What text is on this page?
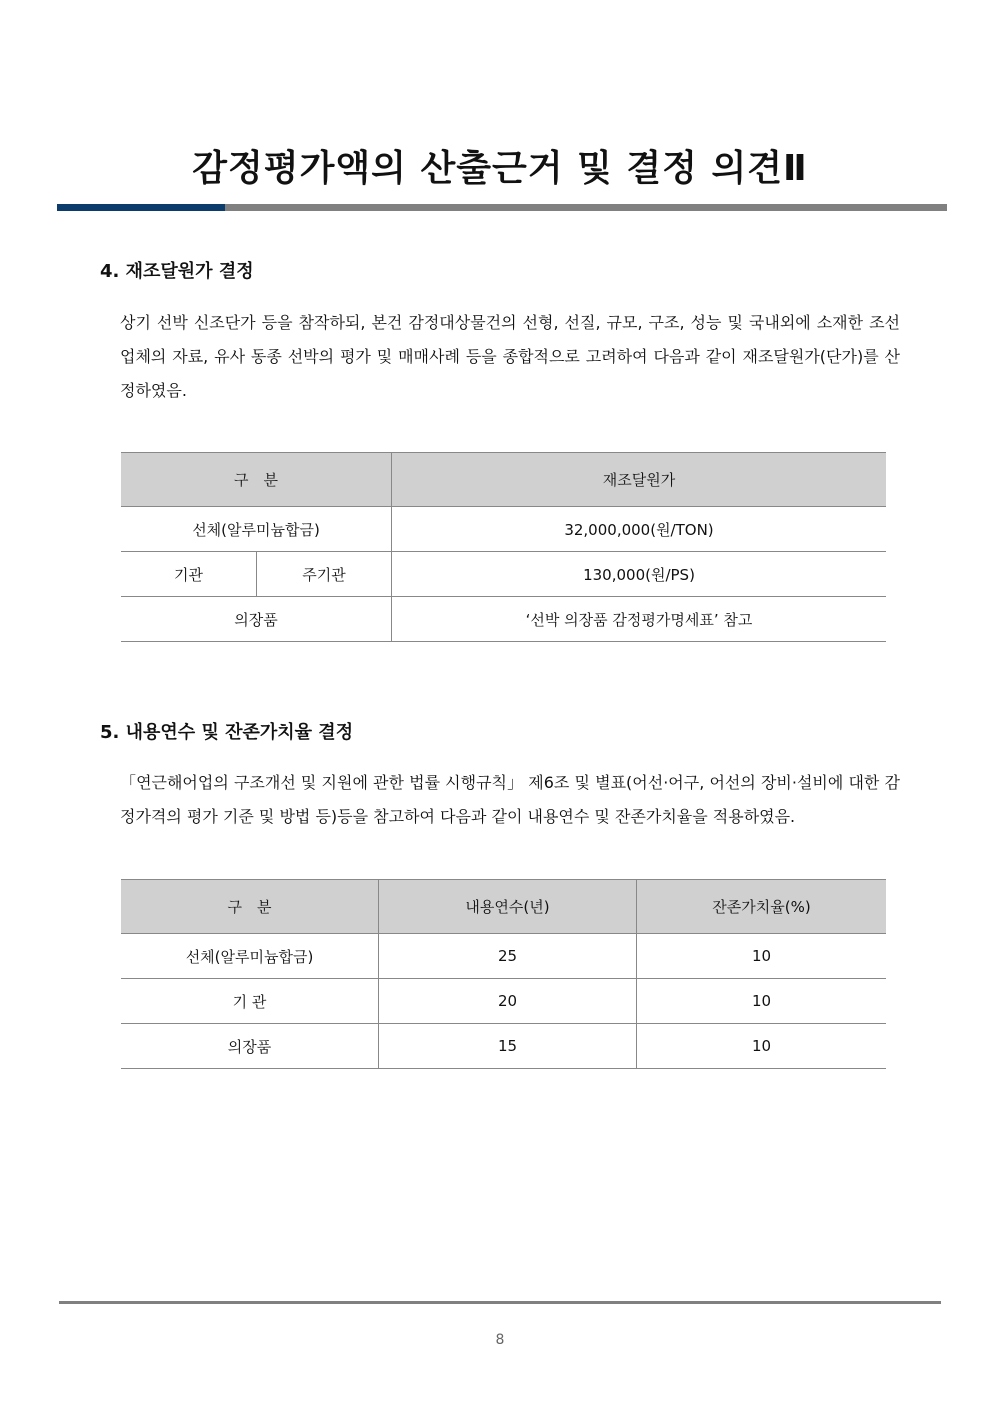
감정평가액의 산출근거 및 결정 의견Ⅱ
4. 재조달원가 결정
상기 선박 신조단가 등을 참작하되, 본건 감정대상물건의 선형, 선질, 규모, 구조, 성능 및 국내외에 소재한 조선업체의 자료, 유사 동종 선박의 평가 및 매매사례 등을 종합적으로 고려하여 다음과 같이 재조달원가(단가)를 산정하였음.
구　분		재조달원가
선체(알루미늄합금)		32,000,000(원/TON)
기관	주기관	130,000(원/PS)
의장품		‘선박 의장품 감정평가명세표’ 참고
5. 내용연수 및 잔존가치율 결정
「연근해어업의 구조개선 및 지원에 관한 법률 시행규칙」 제6조 및 별표(어선·어구, 어선의 장비·설비에 대한 감정가격의 평가 기준 및 방법 등)등을 참고하여 다음과 같이 내용연수 및 잔존가치율을 적용하였음.
구　분	내용연수(년)	잔존가치율(%)
선체(알루미늄합금)	25	10
기 관	20	10
의장품	15	10
8
